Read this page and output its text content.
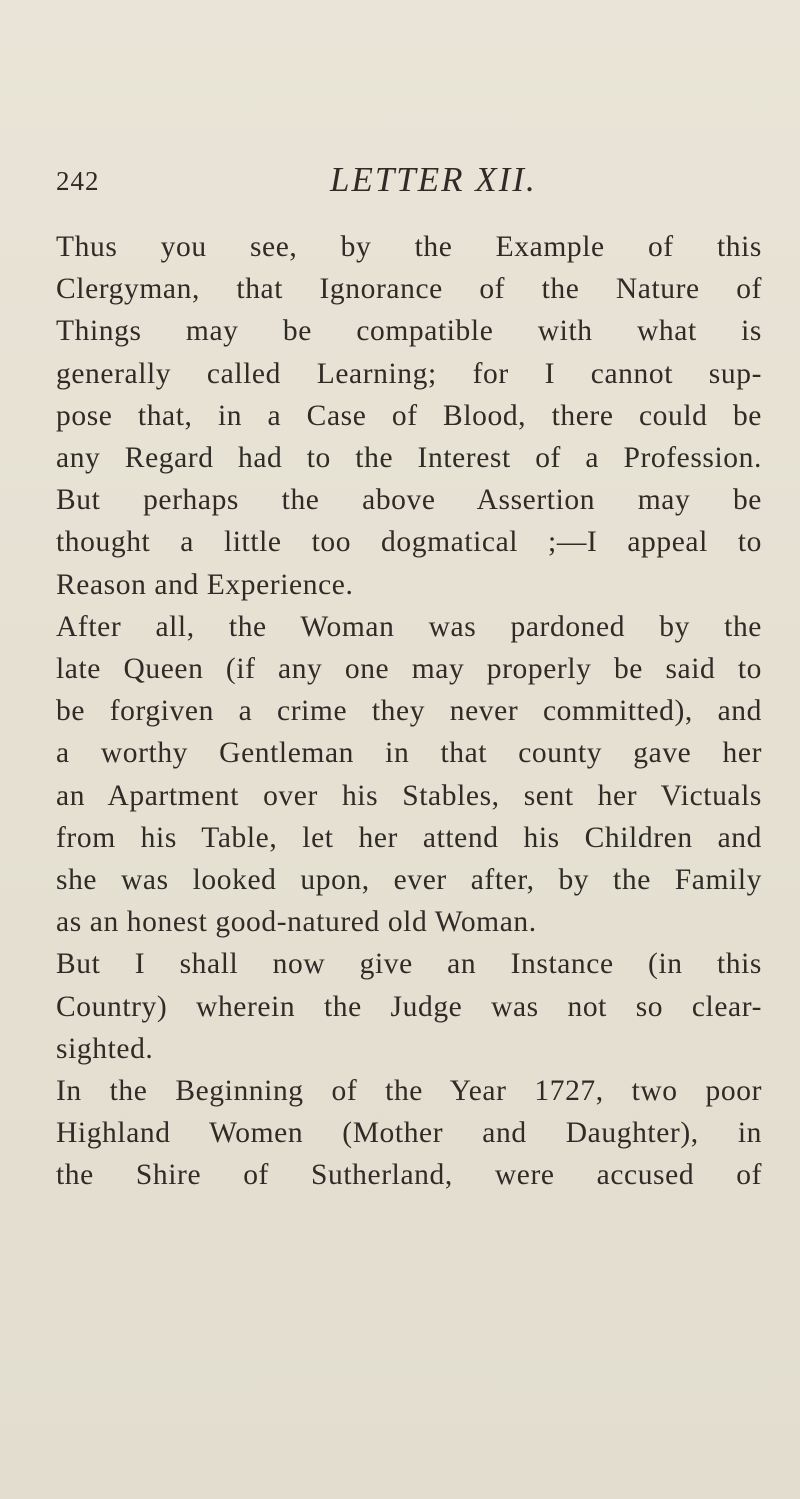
242	LETTER XII.
Thus you see, by the Example of this
Clergyman, that Ignorance of the Nature of
Things may be compatible with what is
generally called Learning; for I cannot sup-
pose that, in a Case of Blood, there could be
any Regard had to the Interest of a Profession.
But perhaps the above Assertion may be
thought a little too dogmatical ;—I appeal to
Reason and Experience.
After all, the Woman was pardoned by the
late Queen (if any one may properly be said to
be forgiven a crime they never committed), and
a worthy Gentleman in that county gave her
an Apartment over his Stables, sent her Victuals
from his Table, let her attend his Children and
she was looked upon, ever after, by the Family
as an honest good-natured old Woman.
But I shall now give an Instance (in this
Country) wherein the Judge was not so clear-
sighted.
In the Beginning of the Year 1727, two poor
Highland Women (Mother and Daughter), in
the Shire of Sutherland, were accused of
